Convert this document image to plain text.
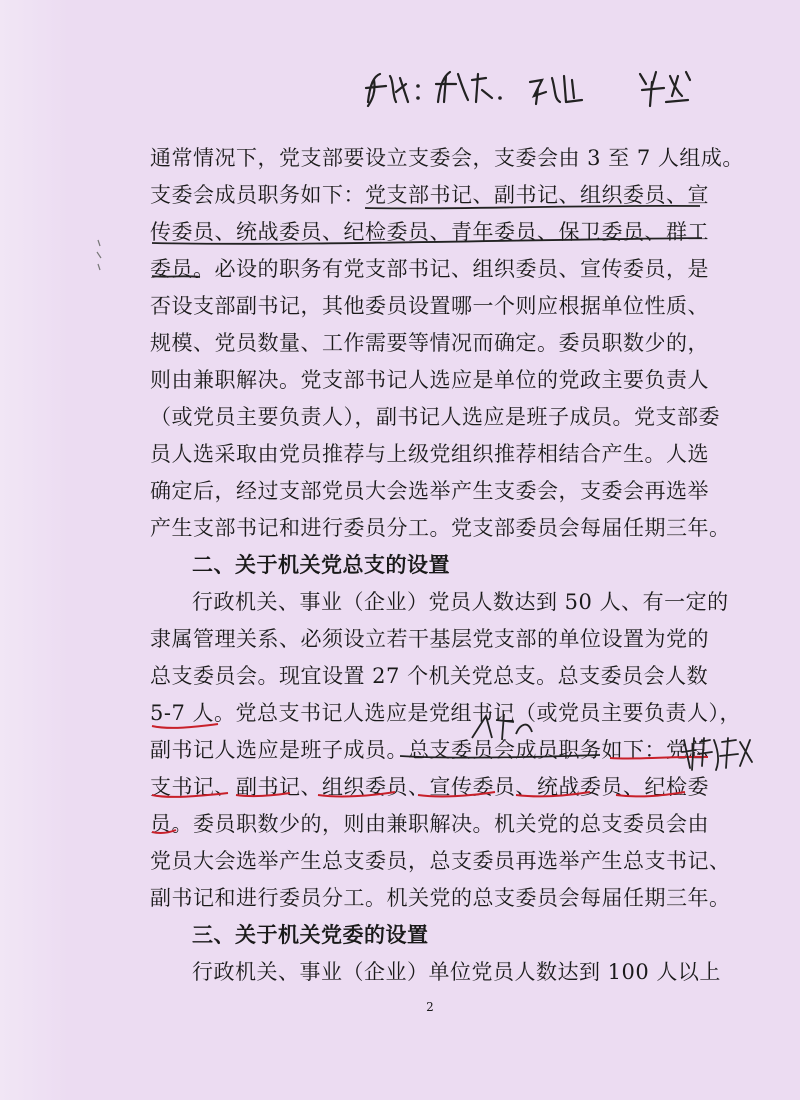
通常情况下，党支部要设立支委会，支委会由 3 至 7 人组成。
支委会成员职务如下：党支部书记、副书记、组织委员、宣
传委员、统战委员、纪检委员、青年委员、保卫委员、群工
委员。必设的职务有党支部书记、组织委员、宣传委员，是
否设支部副书记，其他委员设置哪一个则应根据单位性质、
规模、党员数量、工作需要等情况而确定。委员职数少的，
则由兼职解决。党支部书记人选应是单位的党政主要负责人
（或党员主要负责人），副书记人选应是班子成员。党支部委
员人选采取由党员推荐与上级党组织推荐相结合产生。人选
确定后，经过支部党员大会选举产生支委会，支委会再选举
产生支部书记和进行委员分工。党支部委员会每届任期三年。
二、关于机关党总支的设置
行政机关、事业（企业）党员人数达到 50 人、有一定的
隶属管理关系、必须设立若干基层党支部的单位设置为党的
总支委员会。现宜设置 27 个机关党总支。总支委员会人数
5-7 人。党总支书记人选应是党组书记（或党员主要负责人），
副书记人选应是班子成员。总支委员会成员职务如下：党总
支书记、副书记、组织委员、宣传委员、统战委员、纪检委
员。委员职数少的，则由兼职解决。机关党的总支委员会由
党员大会选举产生总支委员，总支委员再选举产生总支书记、
副书记和进行委员分工。机关党的总支委员会每届任期三年。
三、关于机关党委的设置
行政机关、事业（企业）单位党员人数达到 100 人以上
2
